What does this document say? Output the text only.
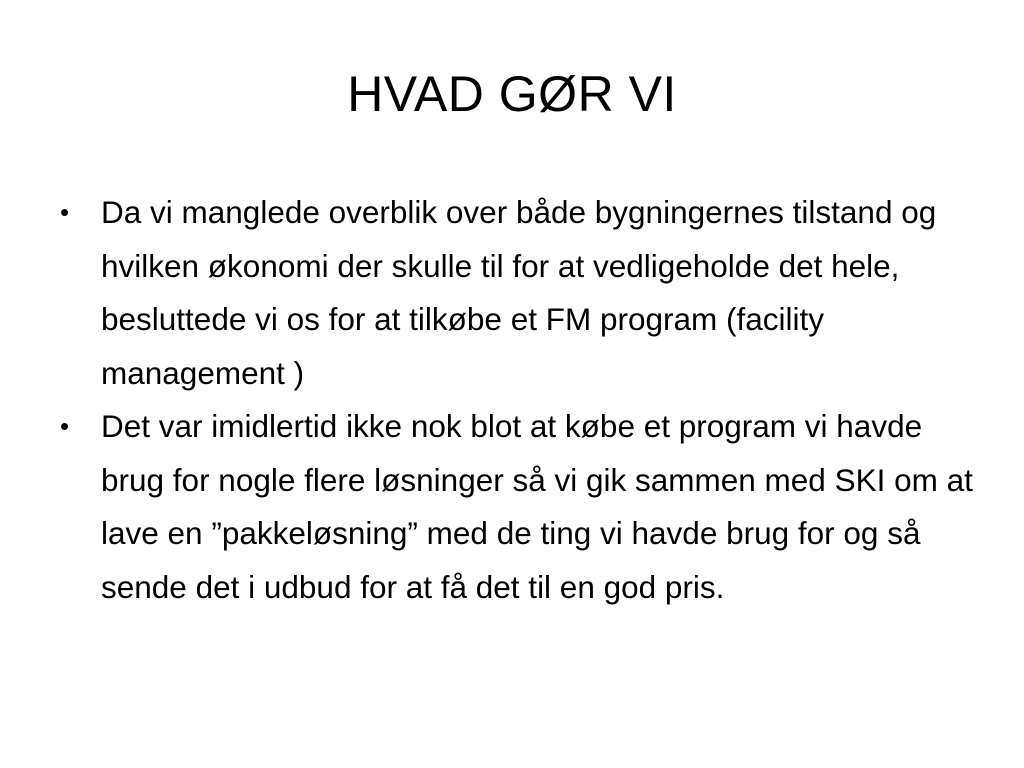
HVAD GØR VI
•	Da vi manglede overblik over både bygningernes tilstand og hvilken økonomi der skulle til for at vedligeholde det hele, besluttede vi os for at tilkøbe et FM program (facility management )
•	Det var imidlertid ikke nok blot at købe et program vi havde brug for nogle flere løsninger så vi gik sammen med SKI om at lave en ”pakkeløsning” med de ting vi havde brug for og så sende det i udbud for at få det til en god pris.
